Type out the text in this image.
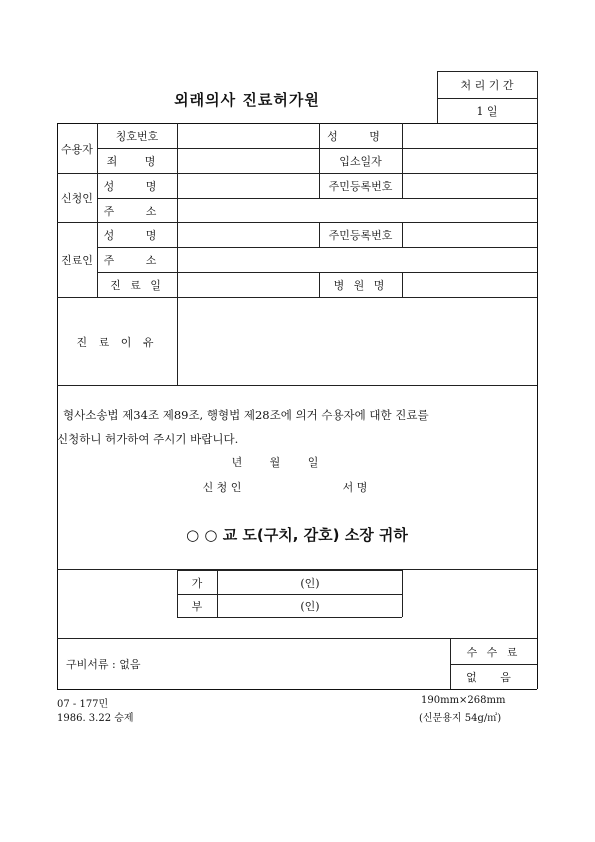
외래의사 진료허가원
처 리 기 간
1 일
수용자
칭호번호	성 명
죄 명	입소일자
신청인
성 명	주민등록번호
주 소
진료인
성 명	주민등록번호
주 소
진 료 일	병 원 명
진 료 이 유
형사소송법 제34조 제89조, 행형법 제28조에 의거 수용자에 대한 진료를
신청하니 허가하여 주시기 바랍니다.
년 월 일
신 청 인	서 명
○ ○ 교 도(구치, 감호) 소장 귀하
가	(인)
부	(인)
구비서류 : 없음
수 수 료
없 음
07 - 177민
1986. 3.22 승제
190mm×268mm
(신문용지 54g/㎡)
